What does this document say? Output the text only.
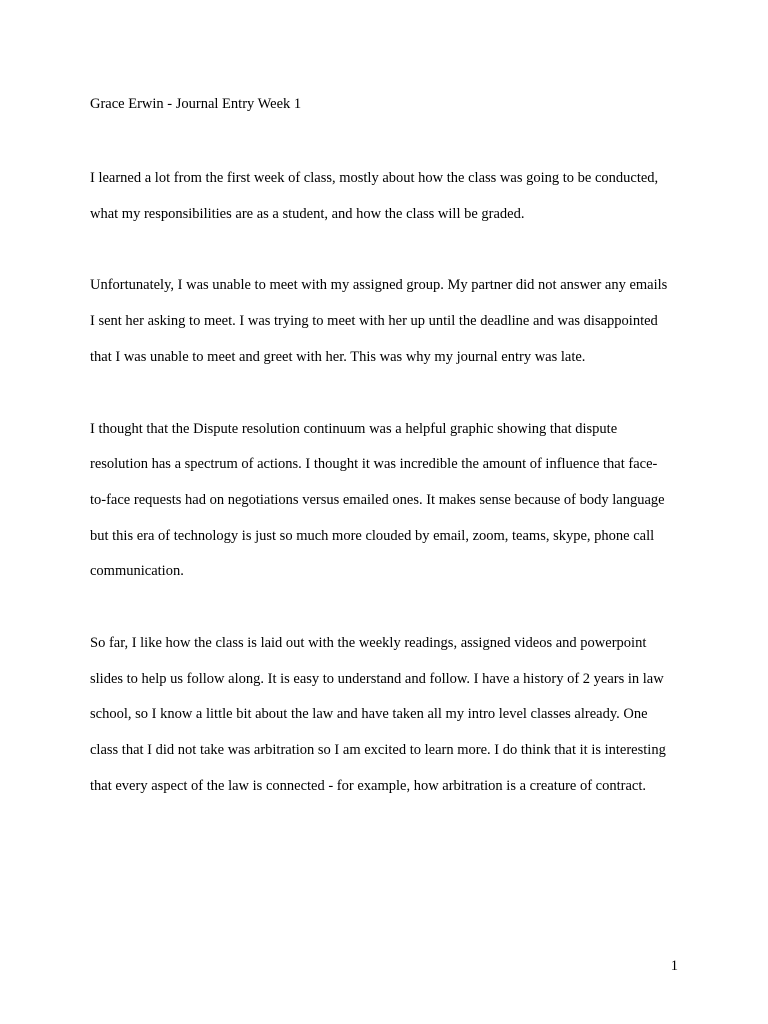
Grace Erwin - Journal Entry Week 1

I learned a lot from the first week of class, mostly about how the class was going to be conducted, what my responsibilities are as a student, and how the class will be graded.

Unfortunately, I was unable to meet with my assigned group. My partner did not answer any emails I sent her asking to meet. I was trying to meet with her up until the deadline and was disappointed that I was unable to meet and greet with her. This was why my journal entry was late.

I thought that the Dispute resolution continuum was a helpful graphic showing that dispute resolution has a spectrum of actions. I thought it was incredible the amount of influence that face-to-face requests had on negotiations versus emailed ones. It makes sense because of body language but this era of technology is just so much more clouded by email, zoom, teams, skype, phone call communication.

So far, I like how the class is laid out with the weekly readings, assigned videos and powerpoint slides to help us follow along. It is easy to understand and follow. I have a history of 2 years in law school, so I know a little bit about the law and have taken all my intro level classes already. One class that I did not take was arbitration so I am excited to learn more. I do think that it is interesting that every aspect of the law is connected - for example, how arbitration is a creature of contract.

1
